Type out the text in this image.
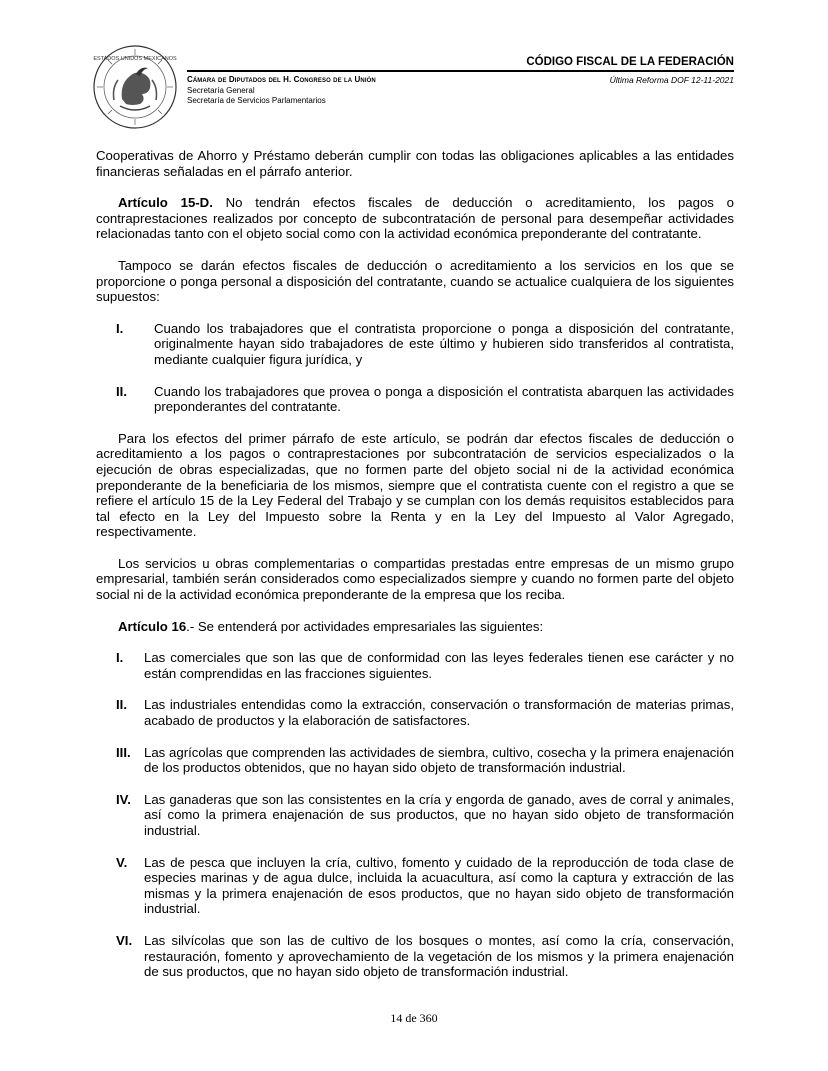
ESTADOS UNIDOS MEXICANOS	CÓDIGO FISCAL DE LA FEDERACIÓN
Última Reforma DOF 12-11-2021
Cámara de Diputados del H. Congreso de la Unión
Secretaría General
Secretaría de Servicios Parlamentarios

Cooperativas de Ahorro y Préstamo deberán cumplir con todas las obligaciones aplicables a las entidades financieras señaladas en el párrafo anterior.

Artículo 15-D. No tendrán efectos fiscales de deducción o acreditamiento, los pagos o contraprestaciones realizados por concepto de subcontratación de personal para desempeñar actividades relacionadas tanto con el objeto social como con la actividad económica preponderante del contratante.

Tampoco se darán efectos fiscales de deducción o acreditamiento a los servicios en los que se proporcione o ponga personal a disposición del contratante, cuando se actualice cualquiera de los siguientes supuestos:

I.	Cuando los trabajadores que el contratista proporcione o ponga a disposición del contratante, originalmente hayan sido trabajadores de este último y hubieren sido transferidos al contratista, mediante cualquier figura jurídica, y
II.	Cuando los trabajadores que provea o ponga a disposición el contratista abarquen las actividades preponderantes del contratante.

Para los efectos del primer párrafo de este artículo, se podrán dar efectos fiscales de deducción o acreditamiento a los pagos o contraprestaciones por subcontratación de servicios especializados o la ejecución de obras especializadas, que no formen parte del objeto social ni de la actividad económica preponderante de la beneficiaria de los mismos, siempre que el contratista cuente con el registro a que se refiere el artículo 15 de la Ley Federal del Trabajo y se cumplan con los demás requisitos establecidos para tal efecto en la Ley del Impuesto sobre la Renta y en la Ley del Impuesto al Valor Agregado, respectivamente.

Los servicios u obras complementarias o compartidas prestadas entre empresas de un mismo grupo empresarial, también serán considerados como especializados siempre y cuando no formen parte del objeto social ni de la actividad económica preponderante de la empresa que los reciba.

Artículo 16.- Se entenderá por actividades empresariales las siguientes:

I.	Las comerciales que son las que de conformidad con las leyes federales tienen ese carácter y no están comprendidas en las fracciones siguientes.
II.	Las industriales entendidas como la extracción, conservación o transformación de materias primas, acabado de productos y la elaboración de satisfactores.
III.	Las agrícolas que comprenden las actividades de siembra, cultivo, cosecha y la primera enajenación de los productos obtenidos, que no hayan sido objeto de transformación industrial.
IV. Las ganaderas que son las consistentes en la cría y engorda de ganado, aves de corral y animales, así como la primera enajenación de sus productos, que no hayan sido objeto de transformación industrial.
V.	Las de pesca que incluyen la cría, cultivo, fomento y cuidado de la reproducción de toda clase de especies marinas y de agua dulce, incluida la acuacultura, así como la captura y extracción de las mismas y la primera enajenación de esos productos, que no hayan sido objeto de transformación industrial.
VI. Las silvícolas que son las de cultivo de los bosques o montes, así como la cría, conservación, restauración, fomento y aprovechamiento de la vegetación de los mismos y la primera enajenación de sus productos, que no hayan sido objeto de transformación industrial.
14 de 360
